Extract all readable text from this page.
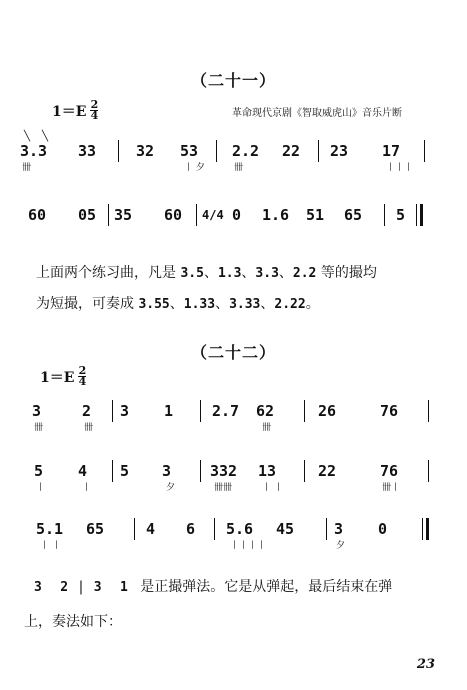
（二十一）
$1=E \frac{2}{4}$	革命现代京剧《智取威虎山》音乐片断
╲ ╲
3.3 33	32 53 2.2 22 23 17
卌	丨 夕	卌	丨丨丨
60 05 35 60 4/4 0 1.6 51 65 5
上面两个练习曲，凡是 3.5、1.3、3.3、2.2 等的撮均
为短撮，可奏成 3.55、1.33、3.33、2.22。
（二十二）
$1=E \frac{2}{4}$
3	2 3 1	2.7 62	26	76
卌	卌	卌
5 4 5 3	332 13	22	76
丨	丨	夕	卌卌	丨 丨	卌丨
5.1 65	4 6 5.6 45	3 0
丨 丨	丨丨丨丨	夕
3 2 | 3 1 是正撮弹法。它是从弹起，最后结束在弹
上，奏法如下：
23
